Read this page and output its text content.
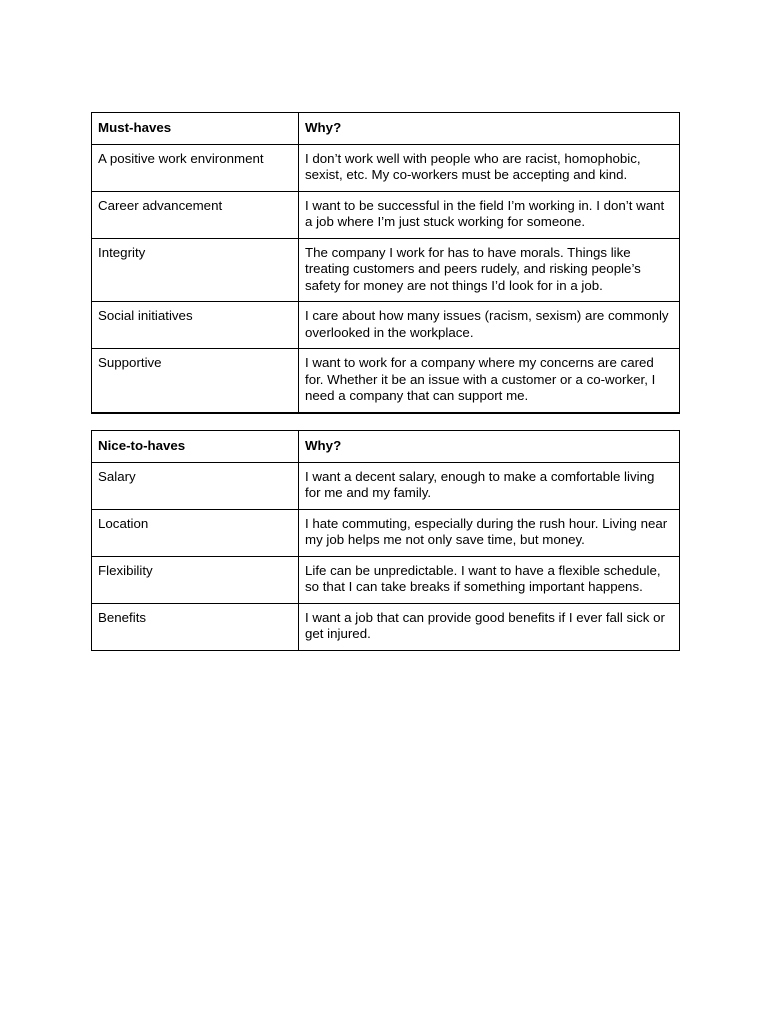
Must-haves	Why?
A positive work environment	I don’t work well with people who are racist, homophobic, sexist, etc. My co-workers must be accepting and kind.
Career advancement	I want to be successful in the field I’m working in. I don’t want a job where I’m just stuck working for someone.
Integrity	The company I work for has to have morals. Things like treating customers and peers rudely, and risking people’s safety for money are not things I’d look for in a job.
Social initiatives	I care about how many issues (racism, sexism) are commonly overlooked in the workplace.
Supportive	I want to work for a company where my concerns are cared for. Whether it be an issue with a customer or a co-worker, I need a company that can support me.
Nice-to-haves	Why?
Salary	I want a decent salary, enough to make a comfortable living for me and my family.
Location	I hate commuting, especially during the rush hour. Living near my job helps me not only save time, but money.
Flexibility	Life can be unpredictable. I want to have a flexible schedule, so that I can take breaks if something important happens.
Benefits	I want a job that can provide good benefits if I ever fall sick or get injured.
